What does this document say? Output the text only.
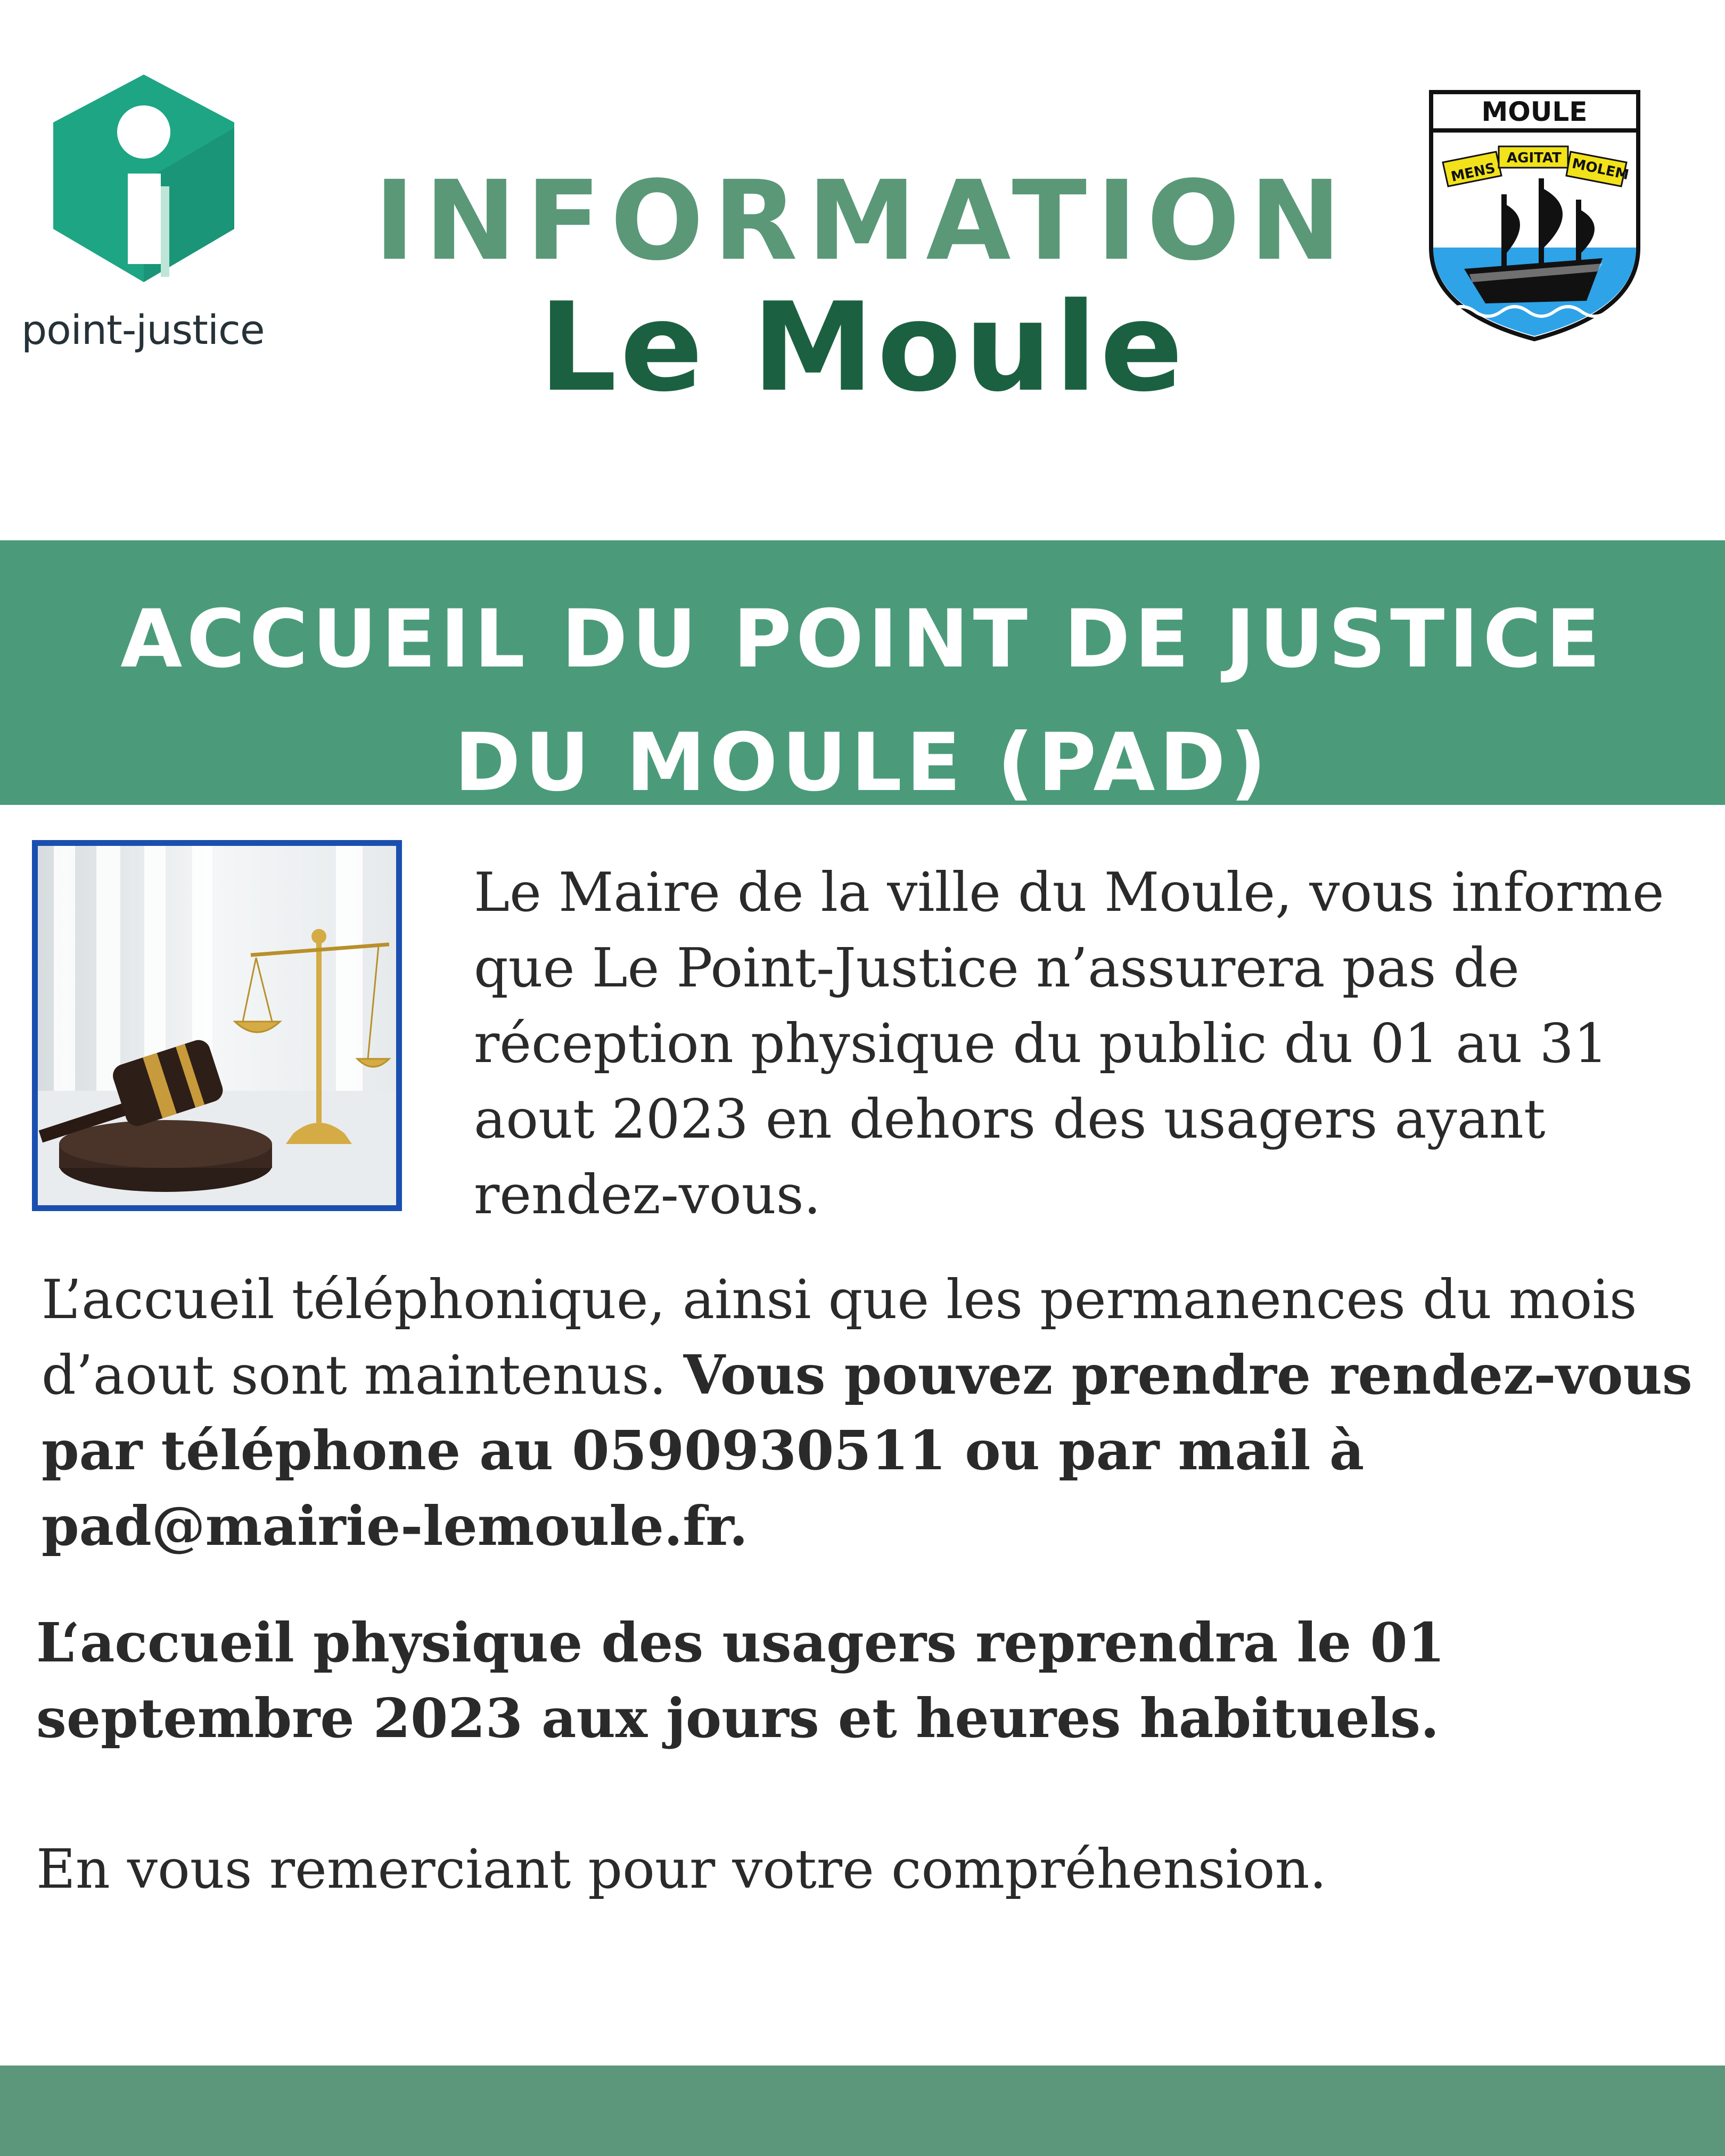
point-justice
INFORMATION
Le Moule
MOULE
MENS
AGITAT MOLEM
ACCUEIL DU POINT DE JUSTICE
DU MOULE (PAD)
Le Maire de la ville du Moule, vous informe que Le Point-Justice n’assurera pas de réception physique du public du 01 au 31 aout 2023 en dehors des usagers ayant rendez-vous.
L’accueil téléphonique, ainsi que les permanences du mois d’aout sont maintenus. Vous pouvez prendre rendez-vous par téléphone au 0590930511 ou par mail à pad@mairie-lemoule.fr.
L‘accueil physique des usagers reprendra le 01 septembre 2023 aux jours et heures habituels.
En vous remerciant pour votre compréhension.
